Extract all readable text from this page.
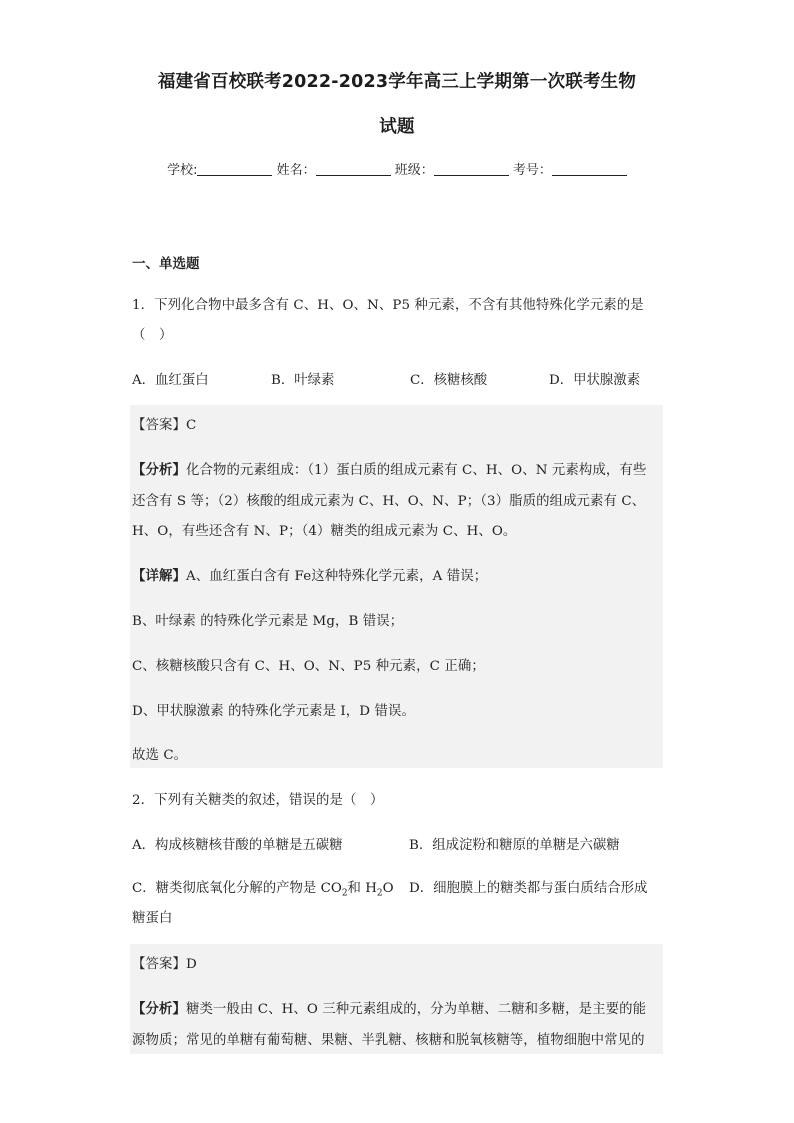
福建省百校联考2022-2023学年高三上学期第一次联考生物
试题
学校:	姓名：	班级：	考号：
一、单选题
1．下列化合物中最多含有 C、H、O、N、P5 种元素，不含有其他特殊化学元素的是
（　）
A．血红蛋白	B．叶绿素	C．核糖核酸	D．甲状腺激素
【答案】C
【分析】化合物的元素组成：（1）蛋白质的组成元素有 C、H、O、N 元素构成，有些
还含有 S 等；（2）核酸的组成元素为 C、H、O、N、P；（3）脂质的组成元素有 C、
H、O，有些还含有 N、P；（4）糖类的组成元素为 C、H、O。
【详解】A、血红蛋白含有 Fe这种特殊化学元素，A 错误；
B、叶绿素 的特殊化学元素是 Mg，B 错误；
C、核糖核酸只含有 C、H、O、N、P5 种元素，C 正确；
D、甲状腺激素 的特殊化学元素是 I，D 错误。
故选 C。
2．下列有关糖类的叙述，错误的是（　）
A．构成核糖核苷酸的单糖是五碳糖	B．组成淀粉和糖原的单糖是六碳糖
C．糖类彻底氧化分解的产物是 $CO_2$和 $H_2O$ D．细胞膜上的糖类都与蛋白质结合形成
糖蛋白
【答案】D
【分析】糖类一般由 C、H、O 三种元素组成的，分为单糖、二糖和多糖，是主要的能
源物质；常见的单糖有葡萄糖、果糖、半乳糖、核糖和脱氧核糖等，植物细胞中常见的
